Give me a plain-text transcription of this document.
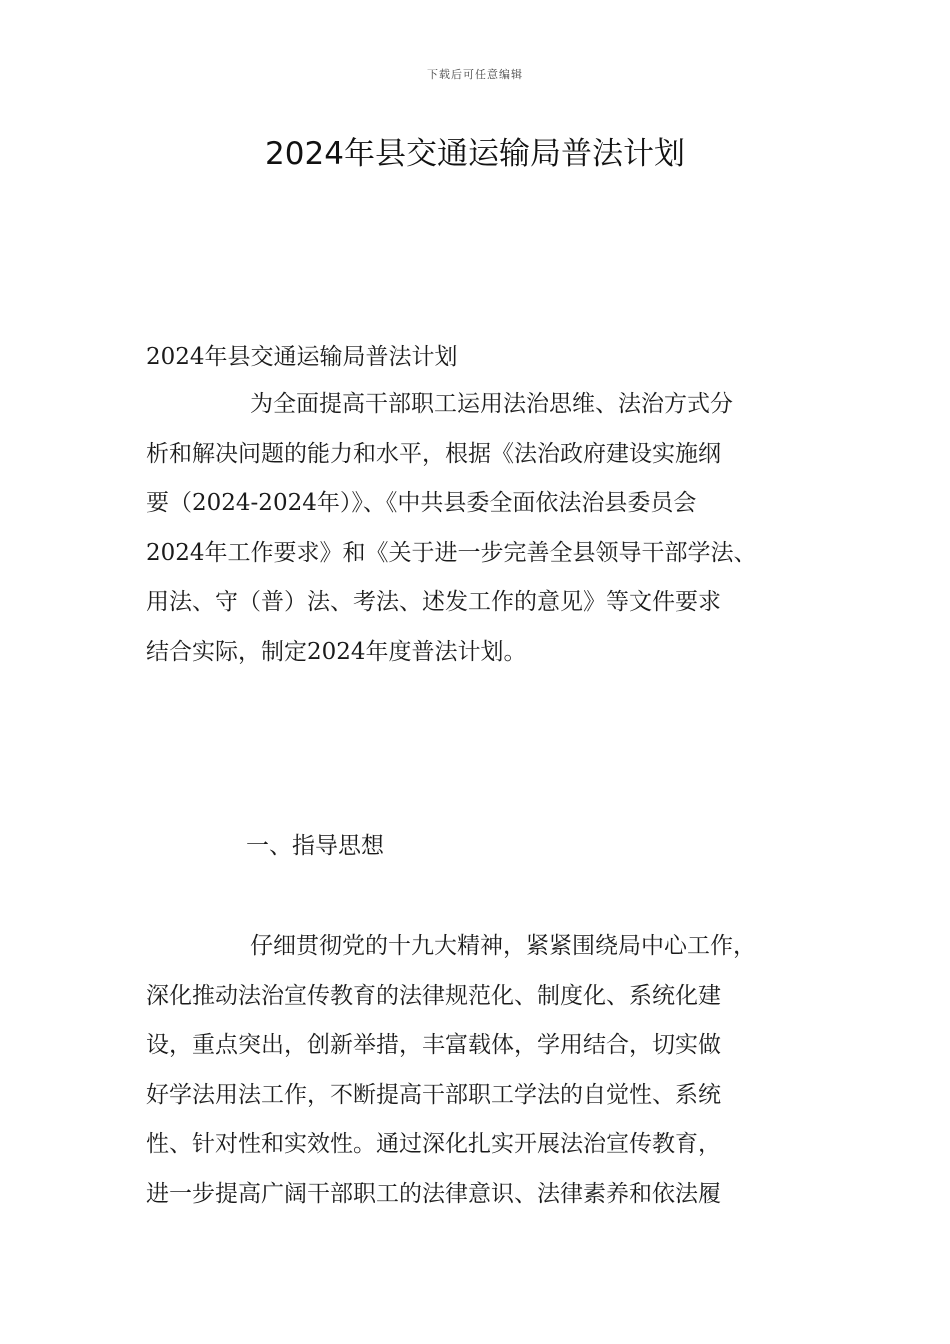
下载后可任意编辑
2024年县交通运输局普法计划

2024年县交通运输局普法计划

为全面提高干部职工运用法治思维、法治方式分
析和解决问题的能力和水平，根据《法治政府建设实施纲
要（2024-2024年）》、《中共县委全面依法治县委员会
2024年工作要求》和《关于进一步完善全县领导干部学法、
用法、守（普）法、考法、述发工作的意见》等文件要求
结合实际，制定2024年度普法计划。

一、指导思想

仔细贯彻党的十九大精神，紧紧围绕局中心工作，
深化推动法治宣传教育的法律规范化、制度化、系统化建
设，重点突出，创新举措，丰富载体，学用结合，切实做
好学法用法工作，不断提高干部职工学法的自觉性、系统
性、针对性和实效性。通过深化扎实开展法治宣传教育，
进一步提高广阔干部职工的法律意识、法律素养和依法履
